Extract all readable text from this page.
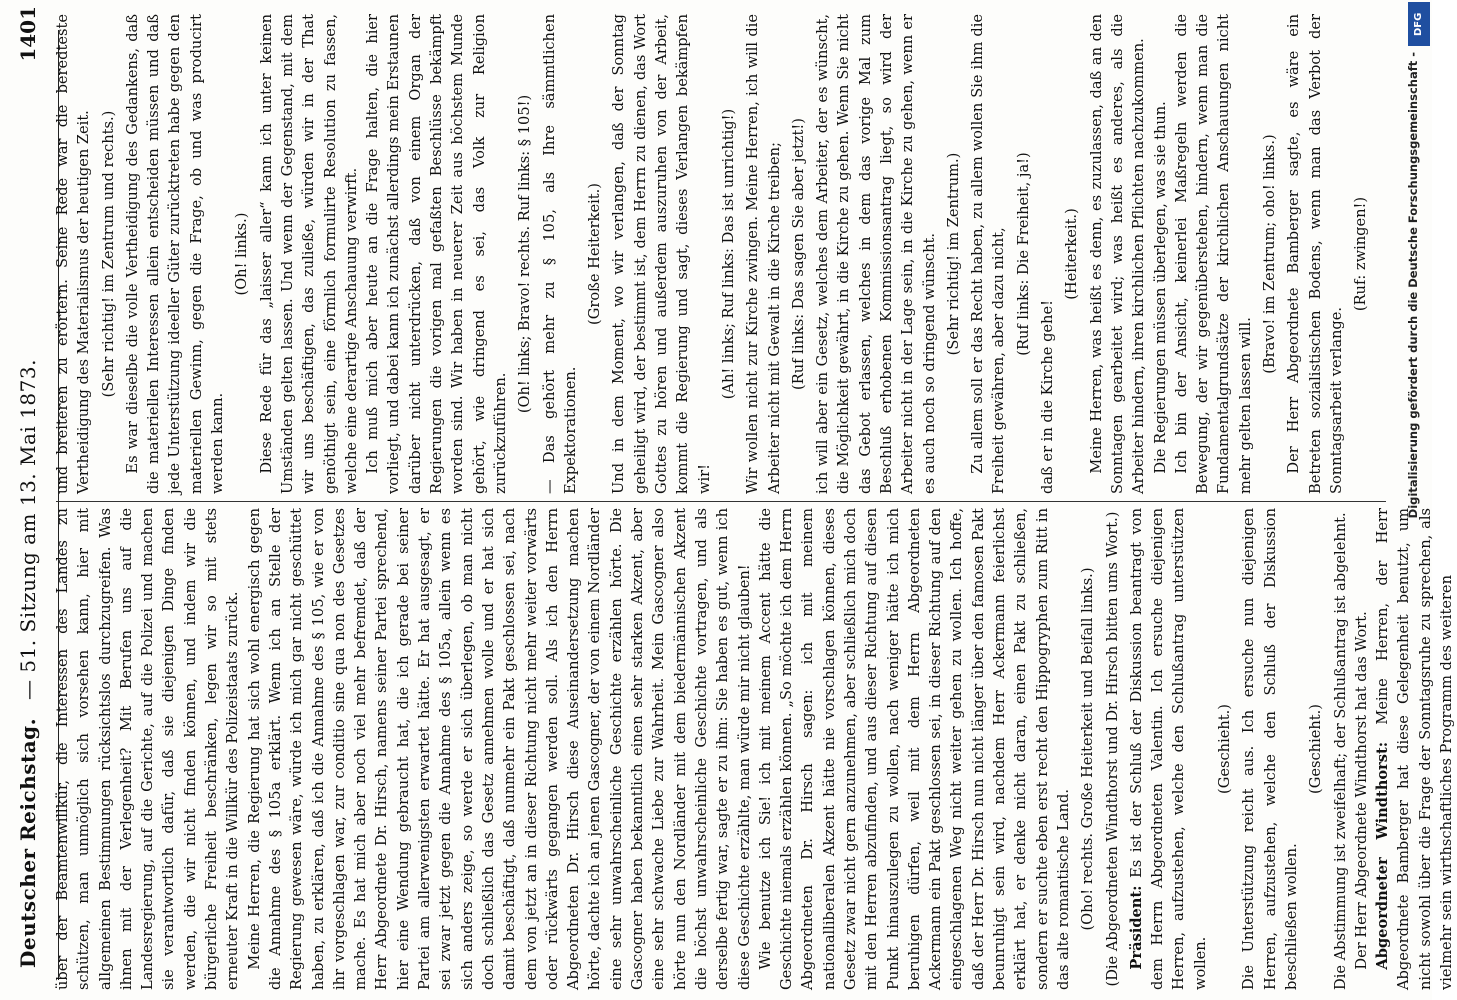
Deutscher Reichstag.
— 51. Sitzung am 13. Mai 1873.
1401

über der Beamtenwillkür, die Interessen des Landes zu schützen, man unmöglich sich vorsehen kann, hier mit allgemeinen Bestimmungen rücksichtslos durchzugreifen. Was ihnen mit der Verlegenheit? Mit Berufen uns auf die Landesregierung, auf die Gerichte, auf die Polizei und machen sie verantwortlich dafür, daß sie diejenigen Dinge finden werden, die wir nicht finden können, und indem wir die bürgerliche Freiheit beschränken, legen wir so mit stets erneuter Kraft in die Willkür des Polizeistaats zurück. Meine Herren, die Regierung hat sich wohl energisch gegen die Annahme des § 105a erklärt. Wenn ich an Stelle der Regierung gewesen wäre, würde ich mich gar nicht geschüttet haben, zu erklären, daß ich die Annahme des § 105, wie er von ihr vorgeschlagen war, zur conditio sine qua non des Gesetzes mache. Es hat mich aber noch viel mehr befremdet, daß der Herr Abgeordnete Dr. Hirsch, namens seiner Partei sprechend, hier eine Wendung gebraucht hat, die ich gerade bei seiner Partei am allerwenigsten erwartet hätte. Er hat ausgesagt, er sei zwar jetzt gegen die Annahme des § 105a, allein wenn es sich anders zeige, so werde er sich überlegen, ob man nicht doch schließlich das Gesetz annehmen wolle und er hat sich damit beschäftigt, daß nunmehr ein Pakt geschlossen sei, nach dem von jetzt an in dieser Richtung nicht mehr weiter vorwärts oder rückwärts gegangen werden soll. Als ich den Herrn Abgeordneten Dr. Hirsch diese Auseinandersetzung machen hörte, dachte ich an jenen Gascogner, der von einem Nordländer eine sehr unwahrscheinliche Geschichte erzählen hörte. Die Gascogner haben bekanntlich einen sehr starken Akzent, aber eine sehr schwache Liebe zur Wahrheit. Mein Gascogner also hörte nun den Nordländer mit dem biedermännischen Akzent die höchst unwahrscheinliche Geschichte vortragen, und als derselbe fertig war, sagte er zu ihm: Sie haben es gut, wenn ich diese Geschichte erzählte, man würde mir nicht glauben! Wie benutze ich Sie! ich mit meinem Accent hätte die Geschichte niemals erzählen können. „So möchte ich dem Herrn Abgeordneten Dr. Hirsch sagen: ich mit meinem nationalliberalen Akzent hätte nie vorschlagen können, dieses Gesetz zwar nicht gern anzunehmen, aber schließlich mich doch mit den Herren abzufinden, und aus dieser Richtung auf diesen Punkt hinauszulegen zu wollen, nach weniger hätte ich mich beruhigen dürfen, weil mit dem Herrn Abgeordneten Ackermann ein Pakt geschlossen sei, in dieser Richtung auf den eingeschlagenen Weg nicht weiter gehen zu wollen. Ich hoffe, daß der Herr Dr. Hirsch nun nicht länger über den famosen Pakt beunruhigt sein wird, nachdem Herr Ackermann feierlichst erklärt hat, er denke nicht daran, einen Pakt zu schließen, sondern er suchte eben erst recht den Hippogryphen zum Ritt in das alte romantische Land. (Oho! rechts. Große Heiterkeit und Beifall links.) (Die Abgeordneten Windthorst und Dr. Hirsch bitten ums Wort.) Präsident: Es ist der Schluß der Diskussion beantragt von dem Herrn Abgeordneten Valentin. Ich ersuche diejenigen Herren, aufzustehen, welche den Schlußantrag unterstützen wollen.

(Geschieht.) Die Unterstützung reicht aus. Ich ersuche nun diejenigen Herren, aufzustehen, welche den Schluß der Diskussion beschließen wollen.

(Geschieht.) Die Abstimmung ist zweifelhaft; der Schlußantrag ist abgelehnt. Der Herr Abgeordnete Windthorst hat das Wort. Abgeordneter Windthorst: Meine Herren, der Herr Abgeordnete Bamberger hat diese Gelegenheit benutzt, um nicht sowohl über die Frage der Sonntagsruhe zu sprechen, als vielmehr sein wirthschaftliches Programm des weiteren

und breiteren zu erörtern. Seine Rede war die beredteste Vertheidigung des Materialismus der heutigen Zeit. (Sehr richtig! im Zentrum und rechts.) Es war dieselbe die volle Vertheidigung des Gedankens, daß die materiellen Interessen allein entscheiden müssen und daß jede Unterstützung ideeller Güter zurücktreten habe gegen den materiellen Gewinn, gegen die Frage, ob und was producirt werden kann.

(Oh! links.) Diese Rede für das „laisser aller“ kann ich unter keinen Umständen gelten lassen. Und wenn der Gegenstand, mit dem wir uns beschäftigen, das zuließe, würden wir in der That genöthigt sein, eine förmlich formulirte Resolution zu fassen, welche eine derartige Anschauung verwirft. Ich muß mich aber heute an die Frage halten, die hier vorliegt, und dabei kann ich zunächst allerdings mein Erstaunen darüber nicht unterdrücken, daß von einem Organ der Regierungen die vorigen mal gefaßten Beschlüsse bekämpft worden sind. Wir haben in neuerer Zeit aus höchstem Munde gehört, wie dringend es sei, das Volk zur Religion zurückzuführen.

(Oh! links; Bravo! rechts. Ruf links: § 105!) — Das gehört mehr zu § 105, als Ihre sämmtlichen Expektorationen.

(Große Heiterkeit.) Und in dem Moment, wo wir verlangen, daß der Sonntag geheiligt wird, der bestimmt ist, dem Herrn zu dienen, das Wort Gottes zu hören und außerdem auszuruhen von der Arbeit, kommt die Regierung und sagt, dieses Verlangen bekämpfen wir!

(Ah! links; Ruf links: Das ist unrichtig!) Wir wollen nicht zur Kirche zwingen. Meine Herren, ich will die Arbeiter nicht mit Gewalt in die Kirche treiben; (Ruf links: Das sagen Sie aber jetzt!) ich will aber ein Gesetz, welches dem Arbeiter, der es wünscht, die Möglichkeit gewährt, in die Kirche zu gehen. Wenn Sie nicht das Gebot erlassen, welches in dem das vorige Mal zum Beschluß erhobenen Kommissionsantrag liegt, so wird der Arbeiter nicht in der Lage sein, in die Kirche zu gehen, wenn er es auch noch so dringend wünscht. (Sehr richtig! im Zentrum.) Zu allem soll er das Recht haben, zu allem wollen Sie ihm die Freiheit gewähren, aber dazu nicht, (Ruf links: Die Freiheit, ja!)

daß er in die Kirche gehe!

(Heiterkeit.) Meine Herren, was heißt es denn, es zuzulassen, daß an den Sonntagen gearbeitet wird; was heißt es anderes, als die Arbeiter hindern, ihren kirchlichen Pflichten nachzukommen. Die Regierungen müssen überlegen, was sie thun. Ich bin der Ansicht, keinerlei Maßregeln werden die Bewegung, der wir gegenüberstehen, hindern, wenn man die Fundamentalgrundsätze der kirchlichen Anschauungen nicht mehr gelten lassen will.

(Bravo! im Zentrum; oho! links.) Der Herr Abgeordnete Bamberger sagte, es wäre ein Betreten sozialistischen Bodens, wenn man das Verbot der Sonntagsarbeit verlange.

(Ruf: zwingen!)	Digitalisierung gefördert durch die Deutsche Forschungsgemeinschaft -
DFG
